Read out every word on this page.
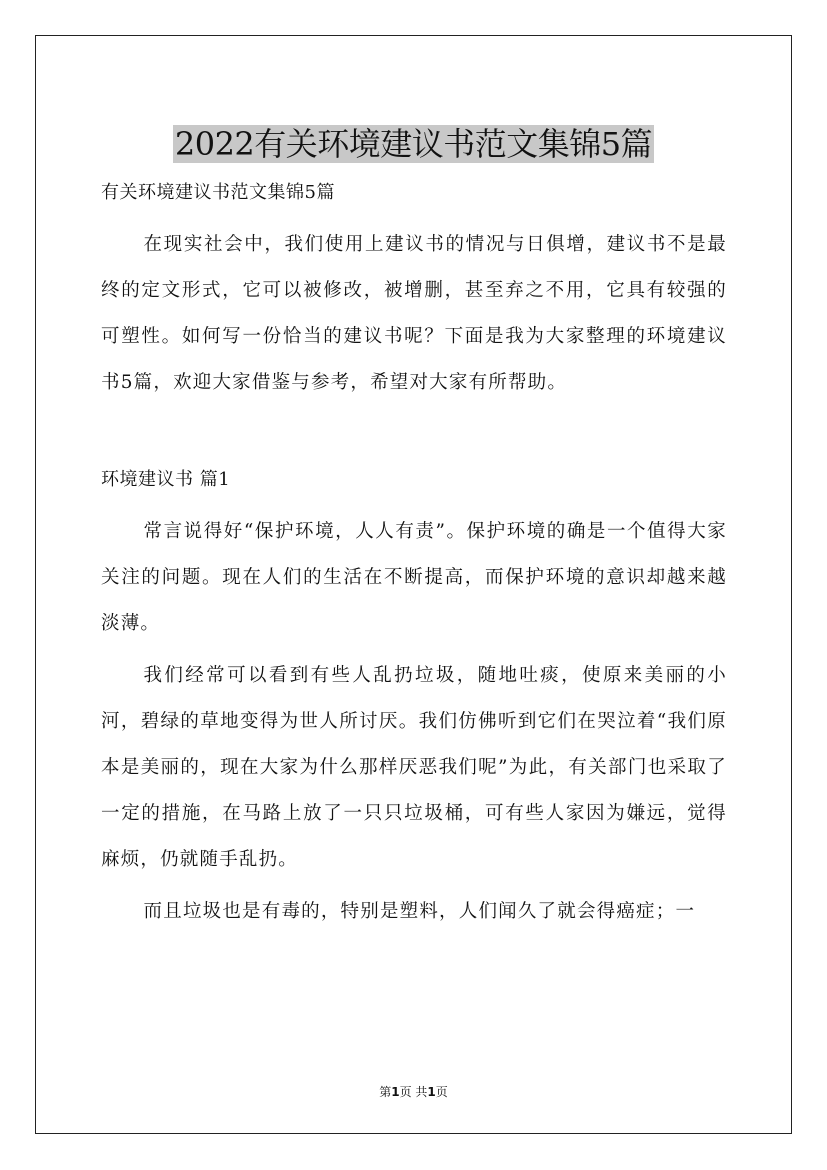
2022有关环境建议书范文集锦5篇
有关环境建议书范文集锦5篇

在现实社会中，我们使用上建议书的情况与日俱增，建议书不是最终的定文形式，它可以被修改，被增删，甚至弃之不用，它具有较强的可塑性。如何写一份恰当的建议书呢？下面是我为大家整理的环境建议书5篇，欢迎大家借鉴与参考，希望对大家有所帮助。

环境建议书 篇1

常言说得好“保护环境，人人有责”。保护环境的确是一个值得大家关注的问题。现在人们的生活在不断提高，而保护环境的意识却越来越淡薄。

我们经常可以看到有些人乱扔垃圾，随地吐痰，使原来美丽的小河，碧绿的草地变得为世人所讨厌。我们仿佛听到它们在哭泣着“我们原本是美丽的，现在大家为什么那样厌恶我们呢”为此，有关部门也采取了一定的措施，在马路上放了一只只垃圾桶，可有些人家因为嫌远，觉得麻烦，仍就随手乱扔。

而且垃圾也是有毒的，特别是塑料，人们闻久了就会得癌症；一

第1页 共1页
